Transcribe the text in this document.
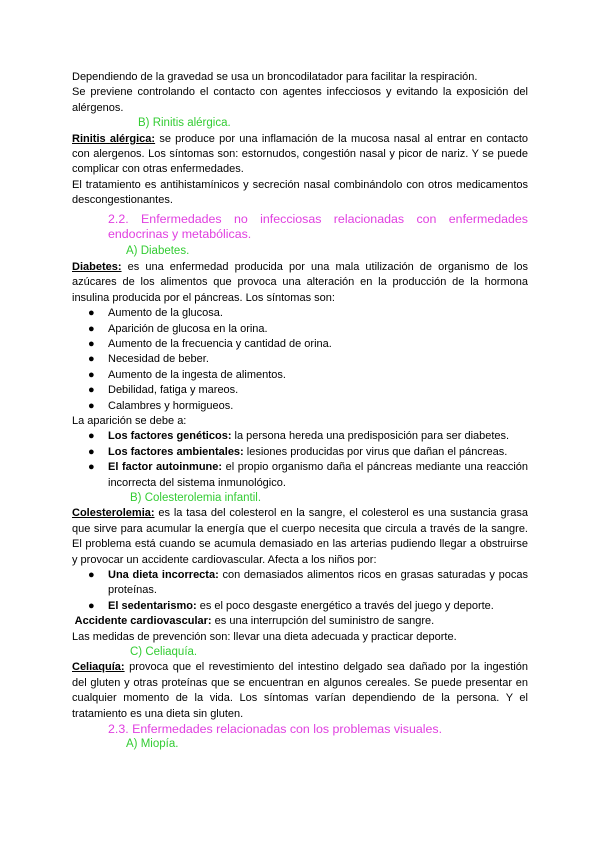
Dependiendo de la gravedad se usa un broncodilatador para facilitar la respiración.

Se previene controlando el contacto con agentes infecciosos y evitando la exposición del alérgenos.

B) Rinitis alérgica.

Rinitis alérgica: se produce por una inflamación de la mucosa nasal al entrar en contacto con alergenos. Los síntomas son: estornudos, congestión nasal y picor de nariz. Y se puede complicar con otras enfermedades.

El tratamiento es antihistamínicos y secreción nasal combinándolo con otros medicamentos descongestionantes.

2.2. Enfermedades no infecciosas relacionadas con enfermedades endocrinas y metabólicas.

A) Diabetes.

Diabetes: es una enfermedad producida por una mala utilización de organismo de los azúcares de los alimentos que provoca una alteración en la producción de la hormona insulina producida por el páncreas. Los síntomas son:

● Aumento de la glucosa.
● Aparición de glucosa en la orina.
● Aumento de la frecuencia y cantidad de orina.
● Necesidad de beber.
● Aumento de la ingesta de alimentos.
● Debilidad, fatiga y mareos.
● Calambres y hormigueos.

La aparición se debe a:

● Los factores genéticos: la persona hereda una predisposición para ser diabetes.
● Los factores ambientales: lesiones producidas por virus que dañan el páncreas.
● El factor autoinmune: el propio organismo daña el páncreas mediante una reacción incorrecta del sistema inmunológico.

B) Colesterolemia infantil.

Colesterolemia: es la tasa del colesterol en la sangre, el colesterol es una sustancia grasa que sirve para acumular la energía que el cuerpo necesita que circula a través de la sangre. El problema está cuando se acumula demasiado en las arterias pudiendo llegar a obstruirse y provocar un accidente cardiovascular. Afecta a los niños por:

● Una dieta incorrecta: con demasiados alimentos ricos en grasas saturadas y pocas proteínas.
● El sedentarismo: es el poco desgaste energético a través del juego y deporte.

Accidente cardiovascular: es una interrupción del suministro de sangre.

Las medidas de prevención son: llevar una dieta adecuada y practicar deporte.

C) Celiaquía.

Celiaquía: provoca que el revestimiento del intestino delgado sea dañado por la ingestión del gluten y otras proteínas que se encuentran en algunos cereales. Se puede presentar en cualquier momento de la vida. Los síntomas varían dependiendo de la persona. Y el tratamiento es una dieta sin gluten.

2.3. Enfermedades relacionadas con los problemas visuales.

A) Miopía.
